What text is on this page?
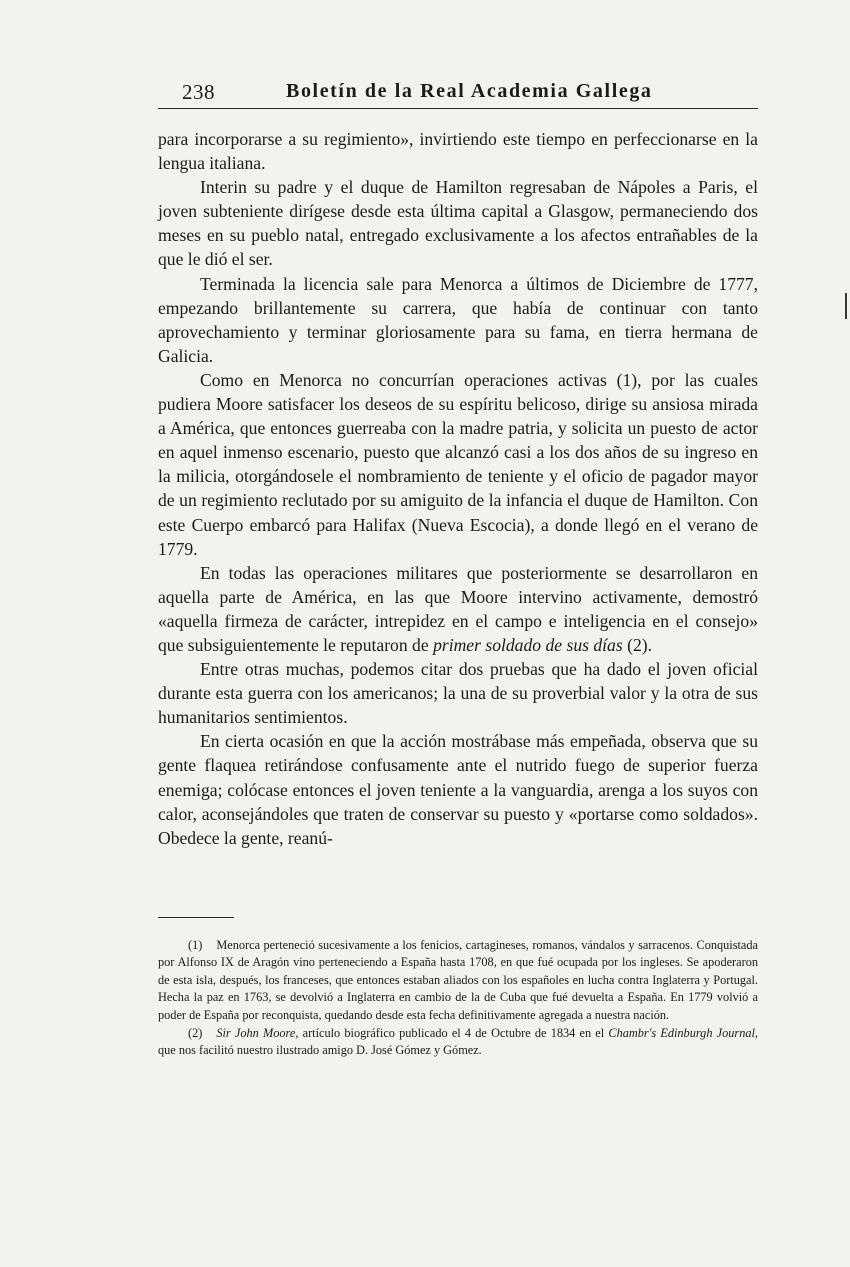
238	Boletín de la Real Academia Gallega

para incorporarse a su regimiento», invirtiendo este tiempo en perfeccionarse en la lengua italiana.

Interin su padre y el duque de Hamilton regresaban de Nápoles a Paris, el joven subteniente dirígese desde esta última capital a Glasgow, permaneciendo dos meses en su pueblo natal, entregado exclusivamente a los afectos entrañables de la que le dió el ser.

Terminada la licencia sale para Menorca a últimos de Diciembre de 1777, empezando brillantemente su carrera, que había de continuar con tanto aprovechamiento y terminar gloriosamente para su fama, en tierra hermana de Galicia.

Como en Menorca no concurrían operaciones activas (1), por las cuales pudiera Moore satisfacer los deseos de su espíritu belicoso, dirige su ansiosa mirada a América, que entonces guerreaba con la madre patria, y solicita un puesto de actor en aquel inmenso escenario, puesto que alcanzó casi a los dos años de su ingreso en la milicia, otorgándosele el nombramiento de teniente y el oficio de pagador mayor de un regimiento reclutado por su amiguito de la infancia el duque de Hamilton. Con este Cuerpo embarcó para Halifax (Nueva Escocia), a donde llegó en el verano de 1779.

En todas las operaciones militares que posteriormente se desarrollaron en aquella parte de América, en las que Moore intervino activamente, demostró «aquella firmeza de carácter, intrepidez en el campo e inteligencia en el consejo» que subsiguientemente le reputaron de primer soldado de sus días (2).

Entre otras muchas, podemos citar dos pruebas que ha dado el joven oficial durante esta guerra con los americanos; la una de su proverbial valor y la otra de sus humanitarios sentimientos.

En cierta ocasión en que la acción mostrábase más empeñada, observa que su gente flaquea retirándose confusamente ante el nutrido fuego de superior fuerza enemiga; colócase entonces el joven teniente a la vanguardia, arenga a los suyos con calor, aconsejándoles que traten de conservar su puesto y «portarse como soldados». Obedece la gente, reanú-

(1) Menorca perteneció sucesivamente a los fenicios, cartagineses, romanos, vándalos y sarracenos. Conquistada por Alfonso IX de Aragón vino perteneciendo a España hasta 1708, en que fué ocupada por los ingleses. Se apoderaron de esta isla, después, los franceses, que entonces estaban aliados con los españoles en lucha contra Inglaterra y Portugal. Hecha la paz en 1763, se devolvió a Inglaterra en cambio de la de Cuba que fué devuelta a España. En 1779 volvió a poder de España por reconquista, quedando desde esta fecha definitivamente agregada a nuestra nación.

(2) Sir John Moore, artículo biográfico publicado el 4 de Octubre de 1834 en el Chambr's Edinburgh Journal, que nos facilitó nuestro ilustrado amigo D. José Gómez y Gómez.
